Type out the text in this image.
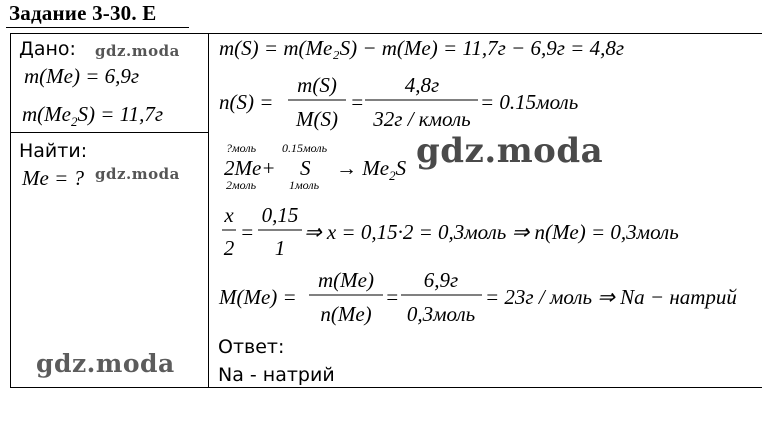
Задание 3-30. Е
Дано:
m(Me) = 6,9г
$m(Me_2S) = 11,7г$
Найти:
Me = ?
m(S) = m(Me₂S) − m(Me) = 11,7г − 6,9г = 4,8г
n(S) =
m(S)
M(S)
=
4,8г
32г / кмоль
= 0.15моль
?моль 0.15моль
2Me+ S
2моль	1моль
→ $Me_2S$
x
2
=
0,15
1
⇒ x = 0,15·2 = 0,3моль ⇒ n(Me) = 0,3моль
M(Me) =
m(Me)
n(Me)
=
6,9г
0,3моль
= 23г / моль ⇒ Na − натрий
Ответ:
Na - натрий
gdz.moda
gdz.moda
gdz.moda
gdz.moda
